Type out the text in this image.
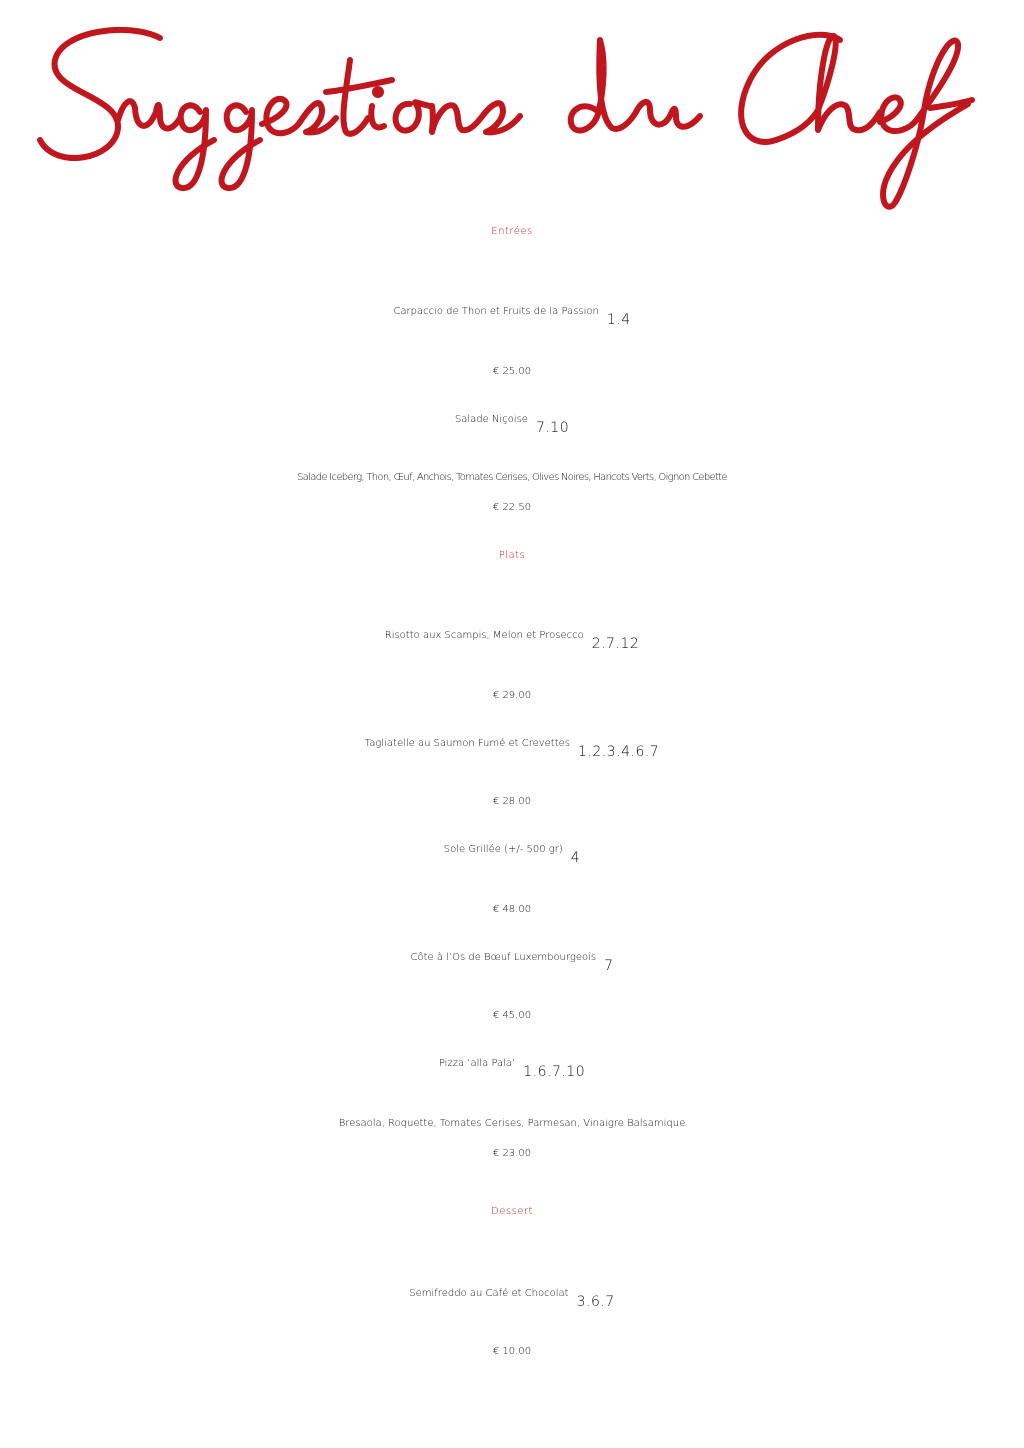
Entrées
Carpaccio de Thon et Fruits de la Passion$^{1.4}$
€ 25.00
Salade Niçoise$^{7.10}$
Salade Iceberg, Thon, Œuf, Anchois, Tomates Cerises, Olives Noires, Haricots Verts, Oignon Cebette
€ 22.50
Plats
Risotto aux Scampis, Melon et Prosecco$^{2.7.12}$
€ 29.00
Tagliatelle au Saumon Fumé et Crevettes$^{1.2.3.4.6.7}$
€ 28.00
Sole Grillée (+/- 500 gr)$^4$
€ 48.00
Côte à l’Os de Bœuf Luxembourgeois$^7$
€ 45.00
Pizza ‘alla Pala’$^{1.6.7.10}$
Bresaola, Roquette, Tomates Cerises, Parmesan, Vinaigre Balsamique
€ 23.00
Dessert
Semifreddo au Café et Chocolat$^{3.6.7}$
€ 10.00
